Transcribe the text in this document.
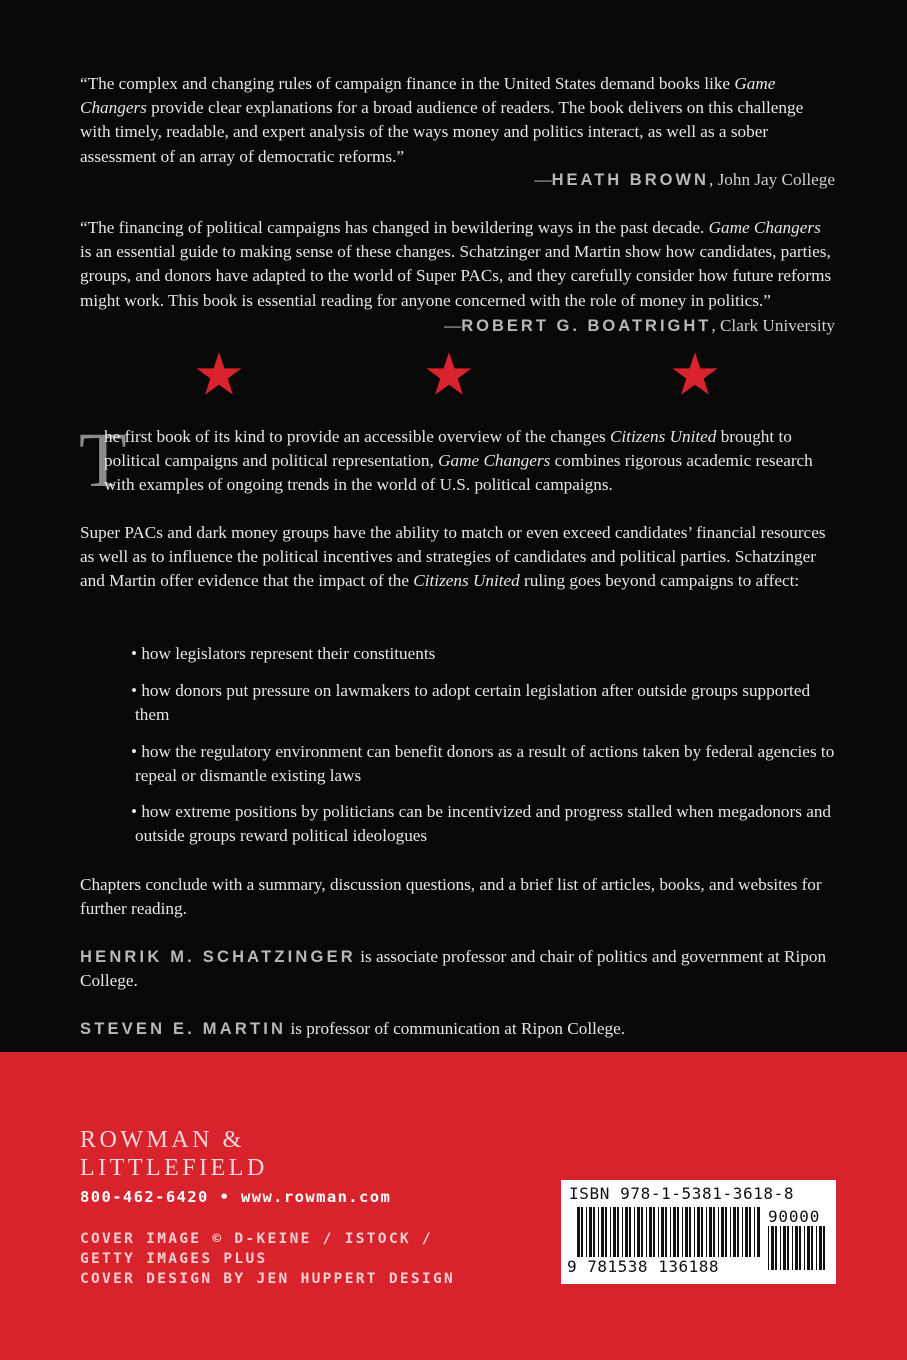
“The complex and changing rules of campaign finance in the United States demand books like Game Changers provide clear explanations for a broad audience of readers. The book delivers on this challenge with timely, readable, and expert analysis of the ways money and politics interact, as well as a sober assessment of an array of democratic reforms.”

—HEATH BROWN, John Jay College

“The financing of political campaigns has changed in bewildering ways in the past decade. Game Changers is an essential guide to making sense of these changes. Schatzinger and Martin show how candidates, parties, groups, and donors have adapted to the world of Super PACs, and they carefully consider how future reforms might work. This book is essential reading for anyone concerned with the role of money in politics.”

—ROBERT G. BOATRIGHT, Clark University
T

he first book of its kind to provide an accessible overview of the changes Citizens United brought to political campaigns and political representation, Game Changers combines rigorous academic research with examples of ongoing trends in the world of U.S. political campaigns.

Super PACs and dark money groups have the ability to match or even exceed candidates’ financial resources as well as to influence the political incentives and strategies of candidates and political parties. Schatzinger and Martin offer evidence that the impact of the Citizens United ruling goes beyond campaigns to affect:

• how legislators represent their constituents
• how donors put pressure on lawmakers to adopt certain legislation after outside groups supported them
• how the regulatory environment can benefit donors as a result of actions taken by federal agencies to repeal or dismantle existing laws
• how extreme positions by politicians can be incentivized and progress stalled when megadonors and outside groups reward political ideologues

Chapters conclude with a summary, discussion questions, and a brief list of articles, books, and websites for further reading.

HENRIK M. SCHATZINGER is associate professor and chair of politics and government at Ripon College.

STEVEN E. MARTIN is professor of communication at Ripon College.

ROWMAN &
LITTLEFIELD
800-462-6420 • www.rowman.com
COVER IMAGE © D-KEINE / ISTOCK /
GETTY IMAGES PLUS
COVER DESIGN BY JEN HUPPERT DESIGN
ISBN 978-1-5381-3618-8
90000
9 781538 136188
